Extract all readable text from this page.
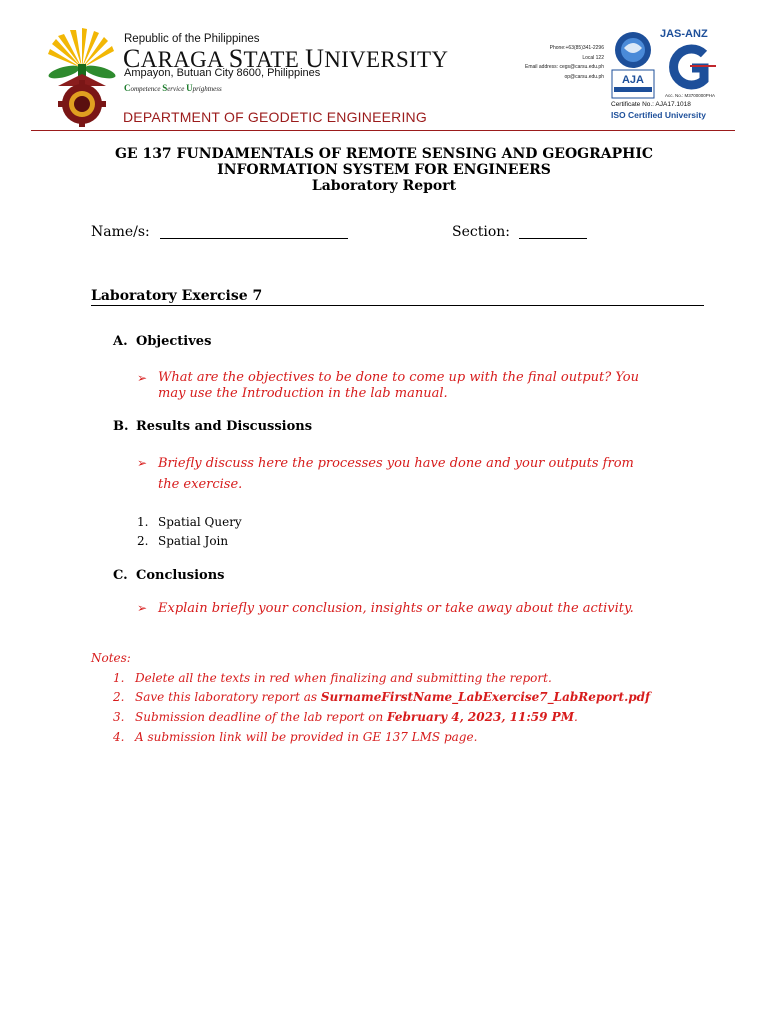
Republic of the Philippines
CARAGA STATE UNIVERSITY
Ampayon, Butuan City 8600, Philippines
Competence Service Uprightness
DEPARTMENT OF GEODETIC ENGINEERING
Phone:+63(85)341-2296
Local 122
Email address: cegs@carsu.edu.ph
op@carsu.edu.ph AJA
JAS-ANZ
Acc. No.: M3700000PHA
Certificate No.: AJA17.1018
ISO Certified University
GE 137 FUNDAMENTALS OF REMOTE SENSING AND GEOGRAPHIC
INFORMATION SYSTEM FOR ENGINEERS
Laboratory Report
Name/s:	Section:
Laboratory Exercise 7
A. Objectives
➢ What are the objectives to be done to come up with the final output? You
may use the Introduction in the lab manual.
B. Results and Discussions
➢ Briefly discuss here the processes you have done and your outputs from
the exercise.
1. Spatial Query
2. Spatial Join
C. Conclusions
➢ Explain briefly your conclusion, insights or take away about the activity.
Notes:
1. Delete all the texts in red when finalizing and submitting the report.
2. Save this laboratory report as SurnameFirstName_LabExercise7_LabReport.pdf
3. Submission deadline of the lab report on February 4, 2023, 11:59 PM.
4. A submission link will be provided in GE 137 LMS page.
